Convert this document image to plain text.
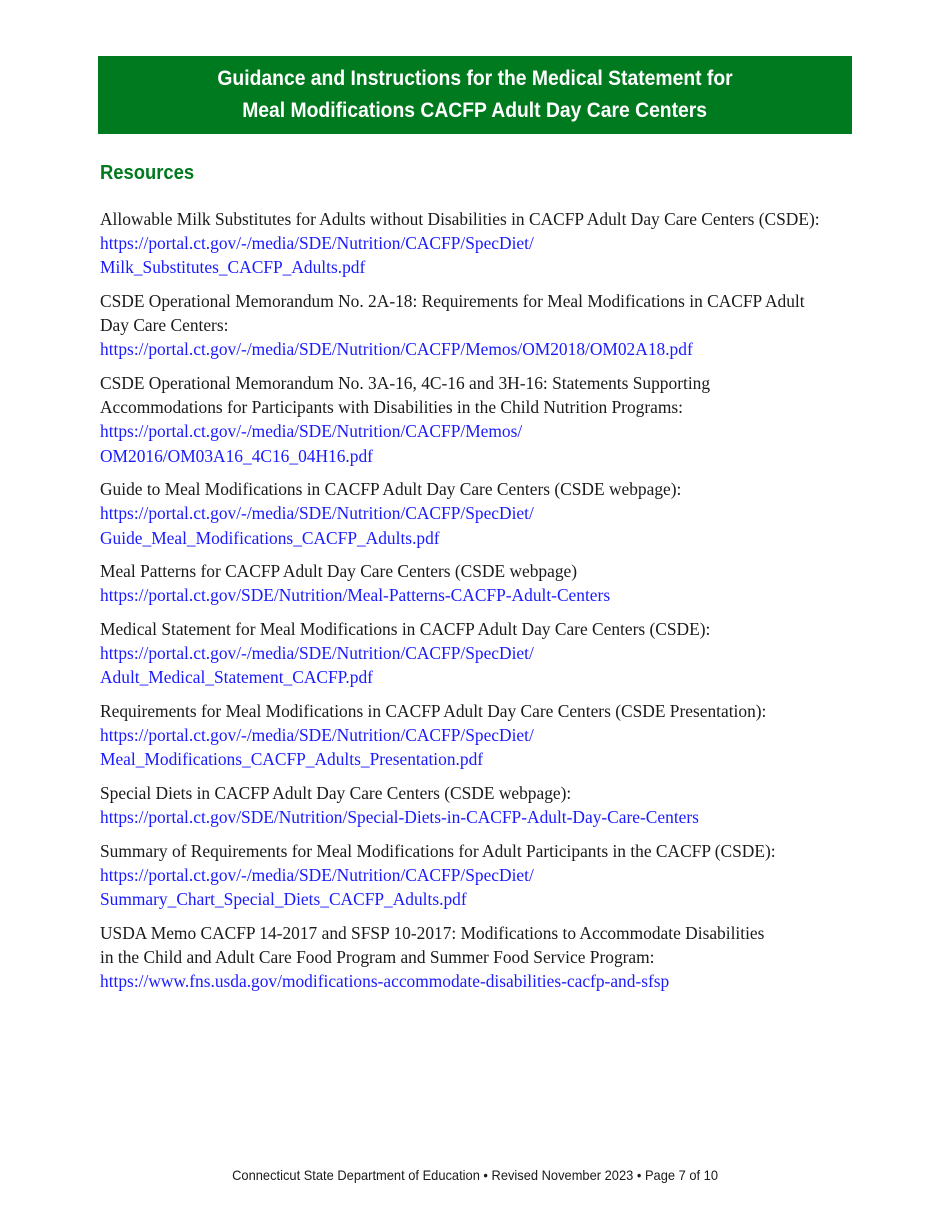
Guidance and Instructions for the Medical Statement for
Meal Modifications CACFP Adult Day Care Centers
Resources
Allowable Milk Substitutes for Adults without Disabilities in CACFP Adult Day Care Centers (CSDE):
https://portal.ct.gov/-/media/SDE/Nutrition/CACFP/SpecDiet/
Milk_Substitutes_CACFP_Adults.pdf
CSDE Operational Memorandum No. 2A-18: Requirements for Meal Modifications in CACFP Adult
Day Care Centers:
https://portal.ct.gov/-/media/SDE/Nutrition/CACFP/Memos/OM2018/OM02A18.pdf
CSDE Operational Memorandum No. 3A-16, 4C-16 and 3H-16: Statements Supporting
Accommodations for Participants with Disabilities in the Child Nutrition Programs:
https://portal.ct.gov/-/media/SDE/Nutrition/CACFP/Memos/
OM2016/OM03A16_4C16_04H16.pdf
Guide to Meal Modifications in CACFP Adult Day Care Centers (CSDE webpage):
https://portal.ct.gov/-/media/SDE/Nutrition/CACFP/SpecDiet/
Guide_Meal_Modifications_CACFP_Adults.pdf
Meal Patterns for CACFP Adult Day Care Centers (CSDE webpage)
https://portal.ct.gov/SDE/Nutrition/Meal-Patterns-CACFP-Adult-Centers
Medical Statement for Meal Modifications in CACFP Adult Day Care Centers (CSDE):
https://portal.ct.gov/-/media/SDE/Nutrition/CACFP/SpecDiet/
Adult_Medical_Statement_CACFP.pdf
Requirements for Meal Modifications in CACFP Adult Day Care Centers (CSDE Presentation):
https://portal.ct.gov/-/media/SDE/Nutrition/CACFP/SpecDiet/
Meal_Modifications_CACFP_Adults_Presentation.pdf
Special Diets in CACFP Adult Day Care Centers (CSDE webpage):
https://portal.ct.gov/SDE/Nutrition/Special-Diets-in-CACFP-Adult-Day-Care-Centers
Summary of Requirements for Meal Modifications for Adult Participants in the CACFP (CSDE):
https://portal.ct.gov/-/media/SDE/Nutrition/CACFP/SpecDiet/
Summary_Chart_Special_Diets_CACFP_Adults.pdf
USDA Memo CACFP 14-2017 and SFSP 10-2017: Modifications to Accommodate Disabilities
in the Child and Adult Care Food Program and Summer Food Service Program:
https://www.fns.usda.gov/modifications-accommodate-disabilities-cacfp-and-sfsp
Connecticut State Department of Education • Revised November 2023 • Page 7 of 10
